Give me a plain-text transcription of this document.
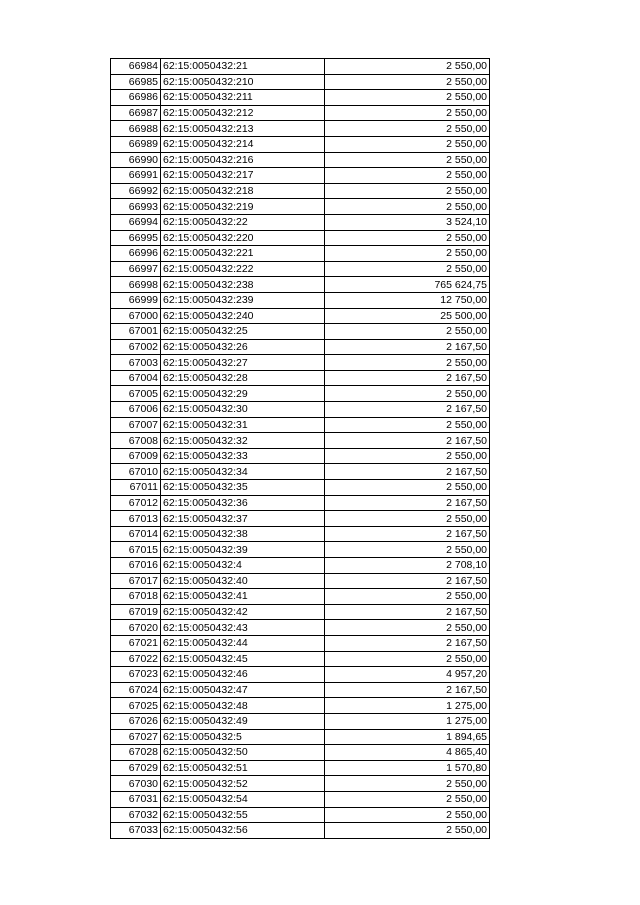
66984	62:15:0050432:21	2 550,00
66985	62:15:0050432:210	2 550,00
66986	62:15:0050432:211	2 550,00
66987	62:15:0050432:212	2 550,00
66988	62:15:0050432:213	2 550,00
66989	62:15:0050432:214	2 550,00
66990	62:15:0050432:216	2 550,00
66991	62:15:0050432:217	2 550,00
66992	62:15:0050432:218	2 550,00
66993	62:15:0050432:219	2 550,00
66994	62:15:0050432:22	3 524,10
66995	62:15:0050432:220	2 550,00
66996	62:15:0050432:221	2 550,00
66997	62:15:0050432:222	2 550,00
66998	62:15:0050432:238	765 624,75
66999	62:15:0050432:239	12 750,00
67000	62:15:0050432:240	25 500,00
67001	62:15:0050432:25	2 550,00
67002	62:15:0050432:26	2 167,50
67003	62:15:0050432:27	2 550,00
67004	62:15:0050432:28	2 167,50
67005	62:15:0050432:29	2 550,00
67006	62:15:0050432:30	2 167,50
67007	62:15:0050432:31	2 550,00
67008	62:15:0050432:32	2 167,50
67009	62:15:0050432:33	2 550,00
67010	62:15:0050432:34	2 167,50
67011	62:15:0050432:35	2 550,00
67012	62:15:0050432:36	2 167,50
67013	62:15:0050432:37	2 550,00
67014	62:15:0050432:38	2 167,50
67015	62:15:0050432:39	2 550,00
67016	62:15:0050432:4	2 708,10
67017	62:15:0050432:40	2 167,50
67018	62:15:0050432:41	2 550,00
67019	62:15:0050432:42	2 167,50
67020	62:15:0050432:43	2 550,00
67021	62:15:0050432:44	2 167,50
67022	62:15:0050432:45	2 550,00
67023	62:15:0050432:46	4 957,20
67024	62:15:0050432:47	2 167,50
67025	62:15:0050432:48	1 275,00
67026	62:15:0050432:49	1 275,00
67027	62:15:0050432:5	1 894,65
67028	62:15:0050432:50	4 865,40
67029	62:15:0050432:51	1 570,80
67030	62:15:0050432:52	2 550,00
67031	62:15:0050432:54	2 550,00
67032	62:15:0050432:55	2 550,00
67033	62:15:0050432:56	2 550,00
